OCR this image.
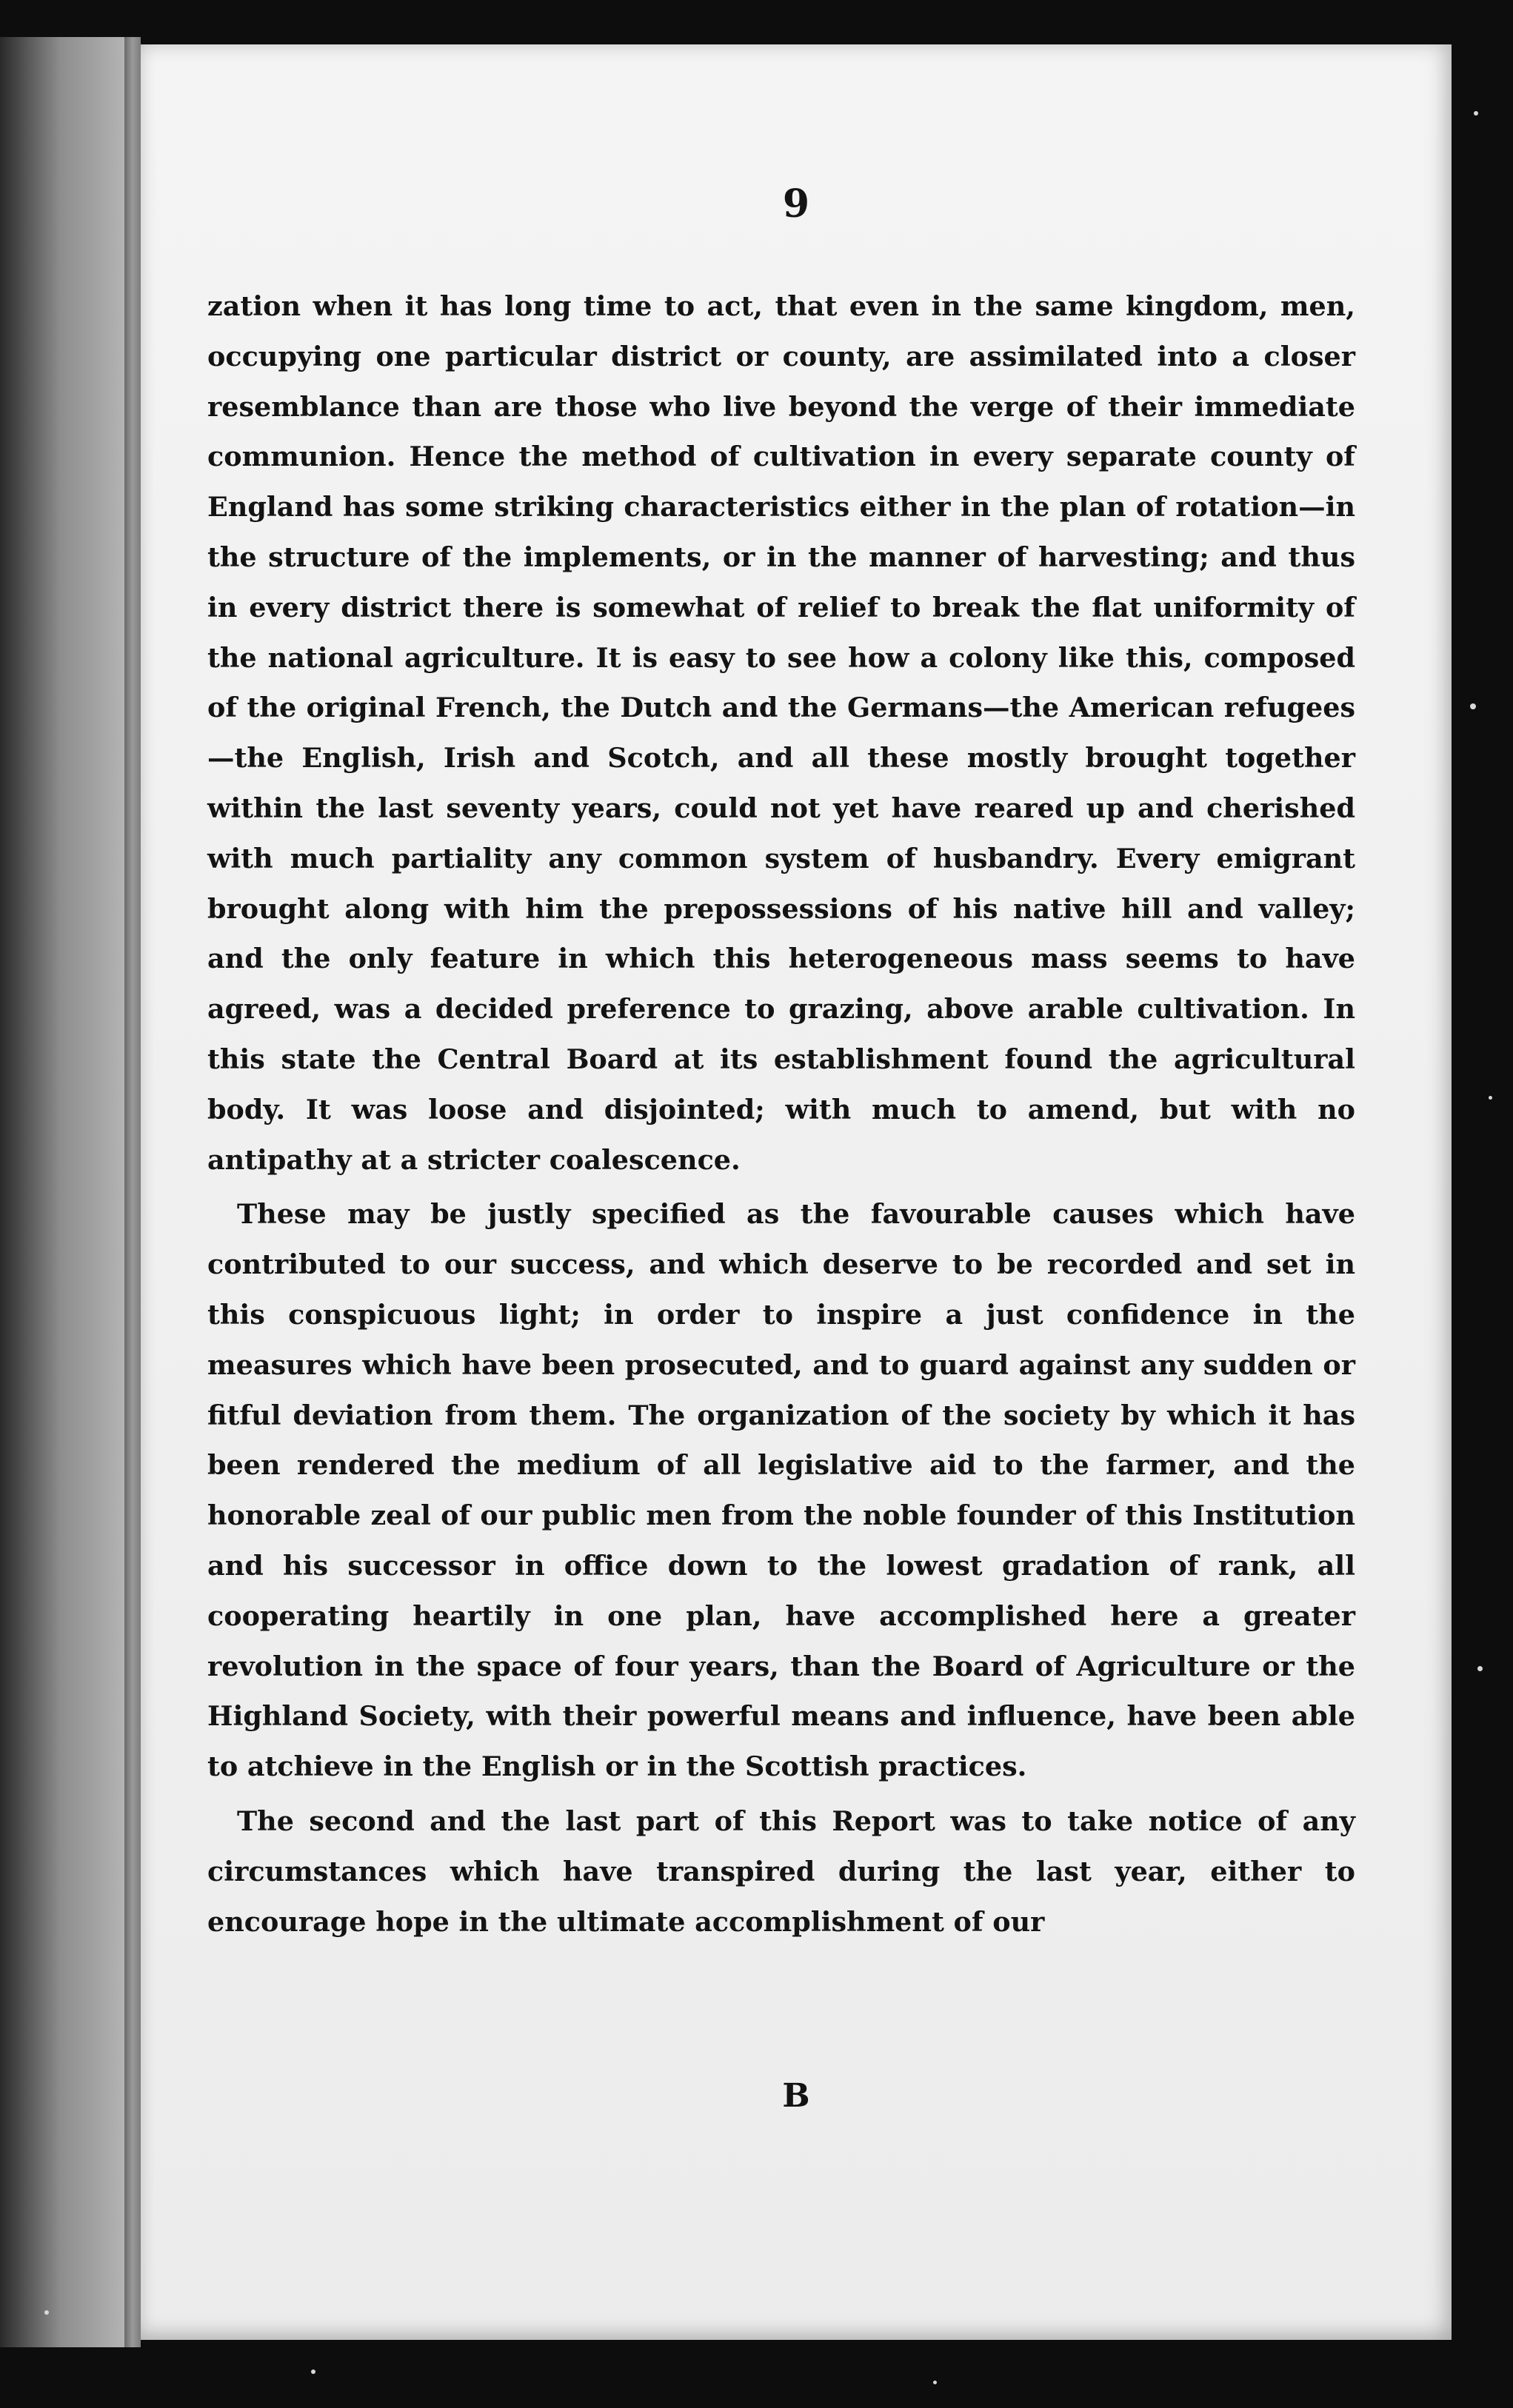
9

zation when it has long time to act, that even in the same kingdom, men, occupying one particular district or county, are assimilated into a closer resemblance than are those who live beyond the verge of their immediate communion. Hence the method of cultivation in every separate county of England has some striking characteristics either in the plan of rotation—in the structure of the implements, or in the manner of harvesting; and thus in every district there is somewhat of relief to break the flat uniformity of the national agriculture. It is easy to see how a colony like this, composed of the original French, the Dutch and the Germans—the American refugees—the English, Irish and Scotch, and all these mostly brought together within the last seventy years, could not yet have reared up and cherished with much partiality any common system of husbandry. Every emigrant brought along with him the prepossessions of his native hill and valley; and the only feature in which this heterogeneous mass seems to have agreed, was a decided preference to grazing, above arable cultivation. In this state the Central Board at its establishment found the agricultural body. It was loose and disjointed; with much to amend, but with no antipathy at a stricter coalescence.

These may be justly specified as the favourable causes which have contributed to our success, and which deserve to be recorded and set in this conspicuous light; in order to inspire a just confidence in the measures which have been prosecuted, and to guard against any sudden or fitful deviation from them. The organization of the society by which it has been rendered the medium of all legislative aid to the farmer, and the honorable zeal of our public men from the noble founder of this Institution and his successor in office down to the lowest gradation of rank, all cooperating heartily in one plan, have accomplished here a greater revolution in the space of four years, than the Board of Agriculture or the Highland Society, with their powerful means and influence, have been able to atchieve in the English or in the Scottish practices.

The second and the last part of this Report was to take notice of any circumstances which have transpired during the last year, either to encourage hope in the ultimate accomplishment of our

B
